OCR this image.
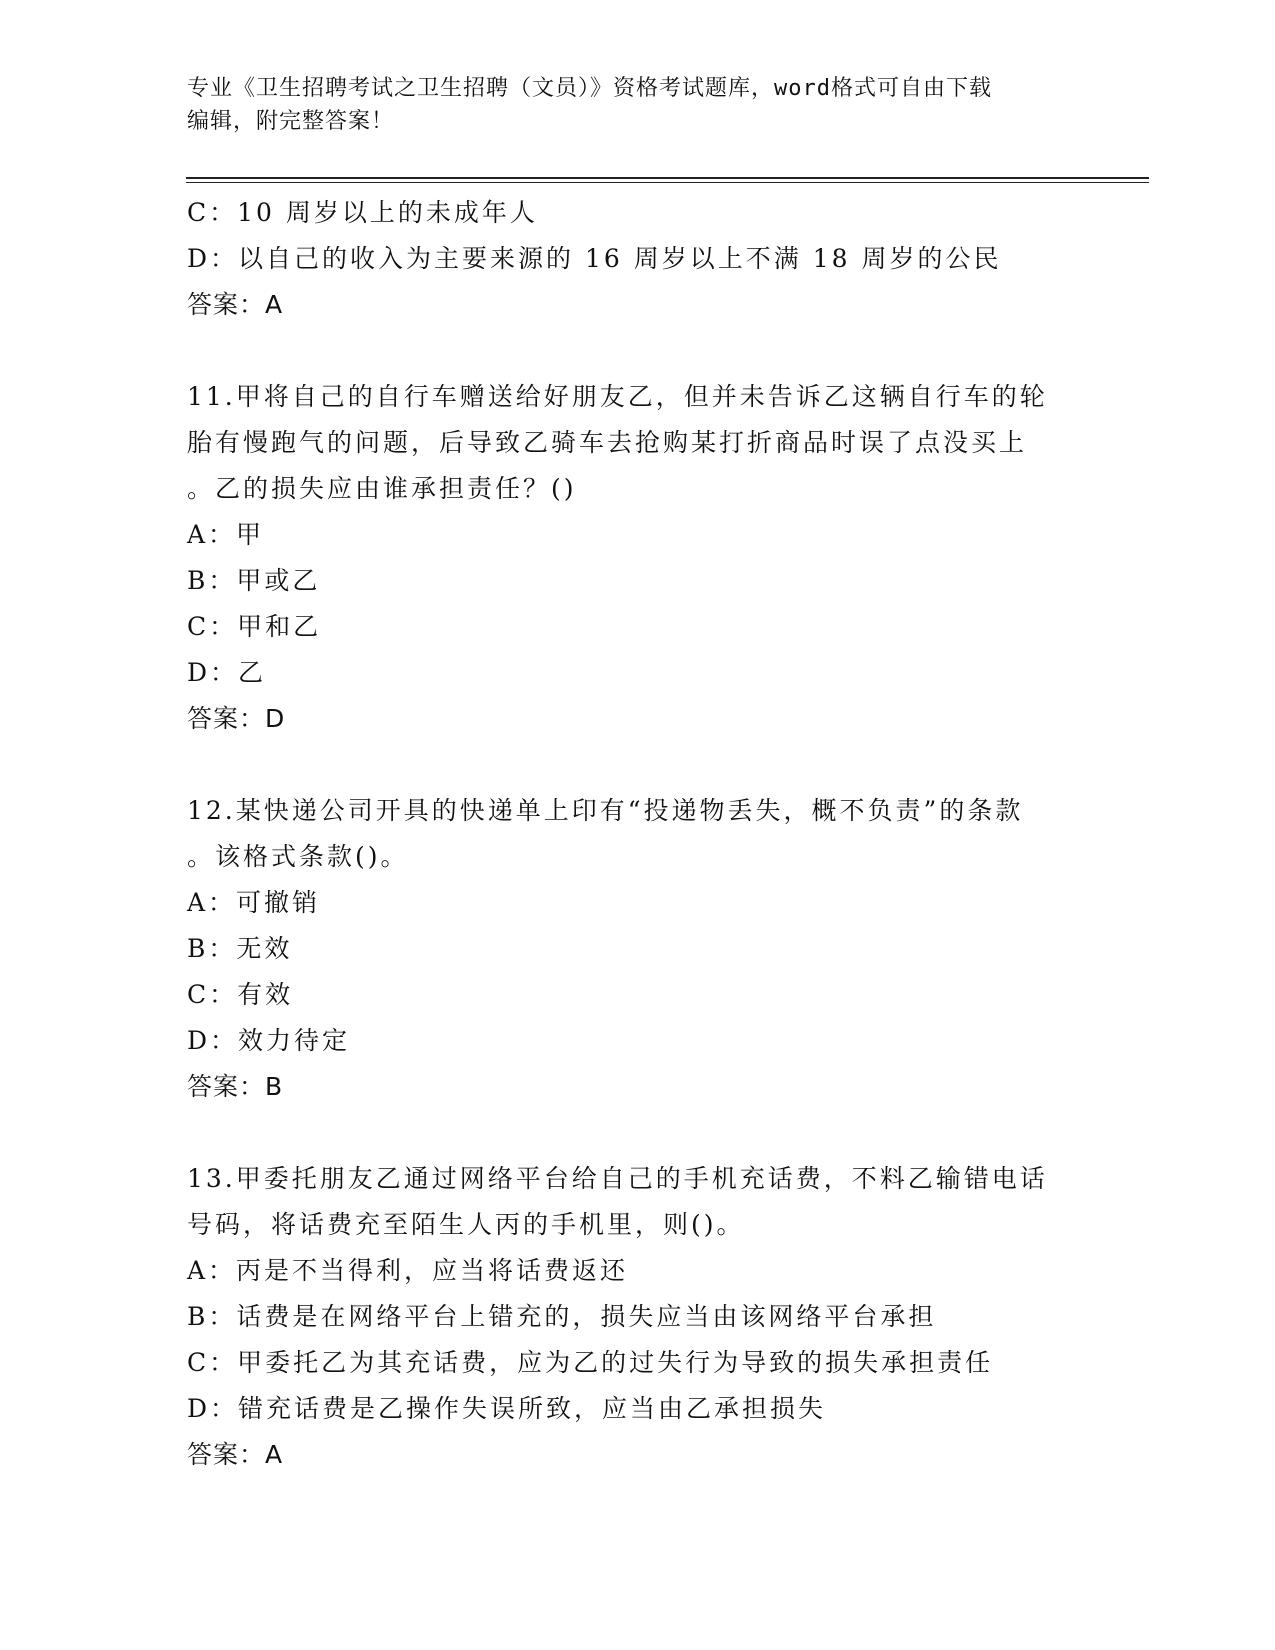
专业《卫生招聘考试之卫生招聘（文员）》资格考试题库，word格式可自由下载
编辑，附完整答案！
C：10 周岁以上的未成年人
D：以自己的收入为主要来源的 16 周岁以上不满 18 周岁的公民
答案：A
11.甲将自己的自行车赠送给好朋友乙，但并未告诉乙这辆自行车的轮
胎有慢跑气的问题，后导致乙骑车去抢购某打折商品时误了点没买上
。乙的损失应由谁承担责任？()
A：甲
B：甲或乙
C：甲和乙
D：乙
答案：D
12.某快递公司开具的快递单上印有“投递物丢失，概不负责”的条款
。该格式条款()。
A：可撤销
B：无效
C：有效
D：效力待定
答案：B
13.甲委托朋友乙通过网络平台给自己的手机充话费，不料乙输错电话
号码，将话费充至陌生人丙的手机里，则()。
A：丙是不当得利，应当将话费返还
B：话费是在网络平台上错充的，损失应当由该网络平台承担
C：甲委托乙为其充话费，应为乙的过失行为导致的损失承担责任
D：错充话费是乙操作失误所致，应当由乙承担损失
答案：A
